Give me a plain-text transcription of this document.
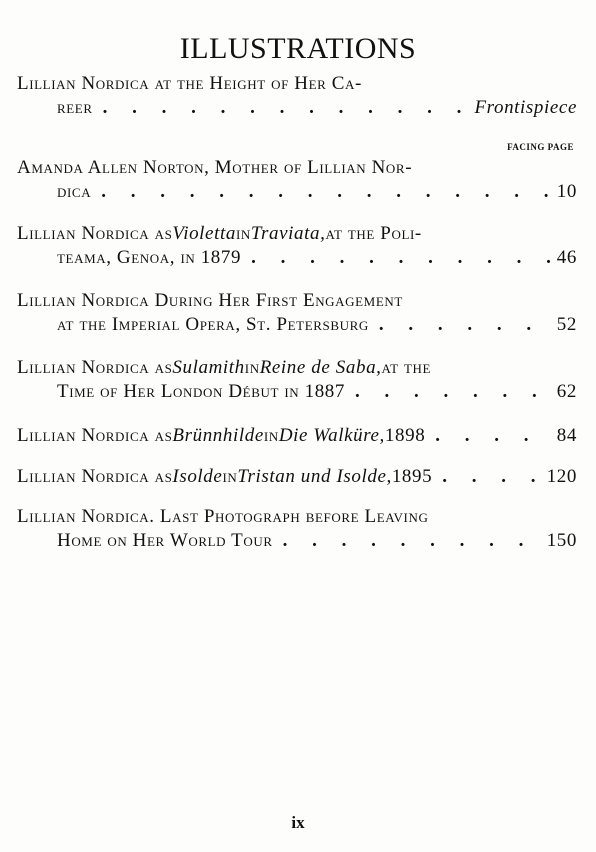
ILLUSTRATIONS
Lillian Nordica at the Height of Her Ca-
reer . . .	Frontispiece
FACING PAGE
Amanda Allen Norton, Mother of Lillian Nor-
dica . . .	10
Lillian Nordica as Violetta in Traviata, at the Poli-
teama, Genoa, in 1879 . . .	46
Lillian Nordica During Her First Engagement
at the Imperial Opera, St. Petersburg . . .	52
Lillian Nordica as Sulamith in Reine de Saba, at the
Time of Her London Début in 1887 . . .	62
Lillian Nordica as Brünnhilde in Die Walküre, 1898 . . .	84
Lillian Nordica as Isolde in Tristan und Isolde, 1895 . . .	120
Lillian Nordica. Last Photograph before Leaving
Home on Her World Tour . . .	150
ix
